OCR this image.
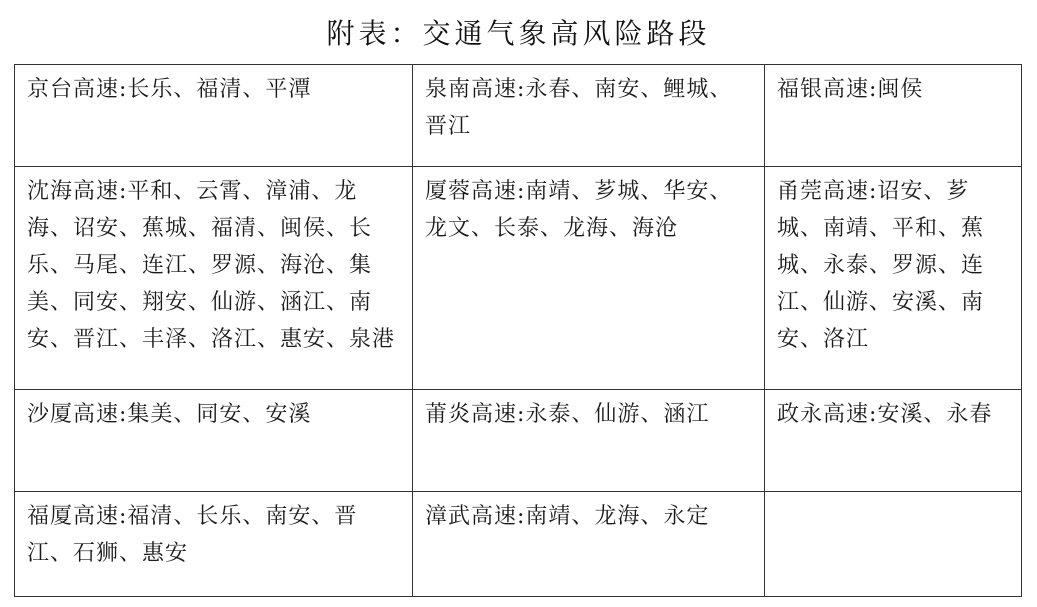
附表：交通气象高风险路段
京台高速:长乐、福清、平潭	泉南高速:永春、南安、鲤城、晋江	福银高速:闽侯
沈海高速:平和、云霄、漳浦、龙海、诏安、蕉城、福清、闽侯、长乐、马尾、连江、罗源、海沧、集美、同安、翔安、仙游、涵江、南安、晋江、丰泽、洛江、惠安、泉港	厦蓉高速:南靖、芗城、华安、龙文、长泰、龙海、海沧	甬莞高速:诏安、芗城、南靖、平和、蕉城、永泰、罗源、连江、仙游、安溪、南安、洛江
沙厦高速:集美、同安、安溪	莆炎高速:永泰、仙游、涵江	政永高速:安溪、永春
福厦高速:福清、长乐、南安、晋江、石狮、惠安	漳武高速:南靖、龙海、永定	
